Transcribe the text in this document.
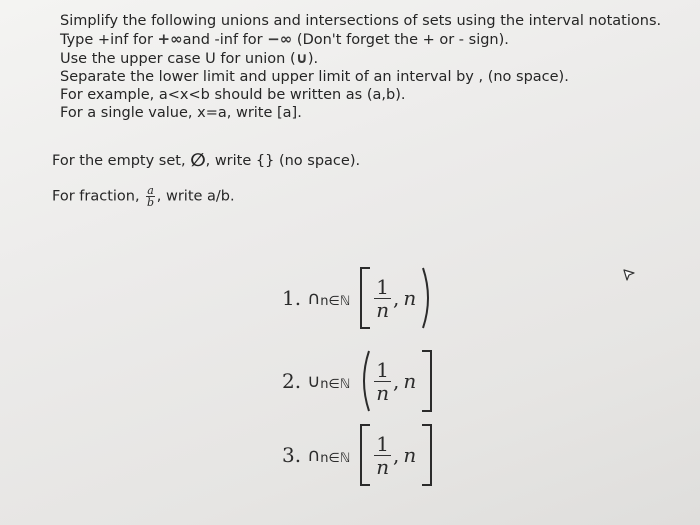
Simplify the following unions and intersections of sets using the interval notations.
Type +inf for +∞and -inf for −∞ (Don't forget the + or - sign).
Use the upper case U for union (∪).
Separate the lower limit and upper limit of an interval by , (no space).
For example, a<x<b should be written as (a,b).
For a single value, x=a, write [a].
For the empty set, ∅, write {} (no space).
For fraction, $\frac{a}{b}$ , write a/b.
1. ∩n∈ℕ $\frac{1}{n}$ , n
2. ∪n∈ℕ $\frac{1}{n}$ , n
3. ∩n∈ℕ $\frac{1}{n}$ , n
